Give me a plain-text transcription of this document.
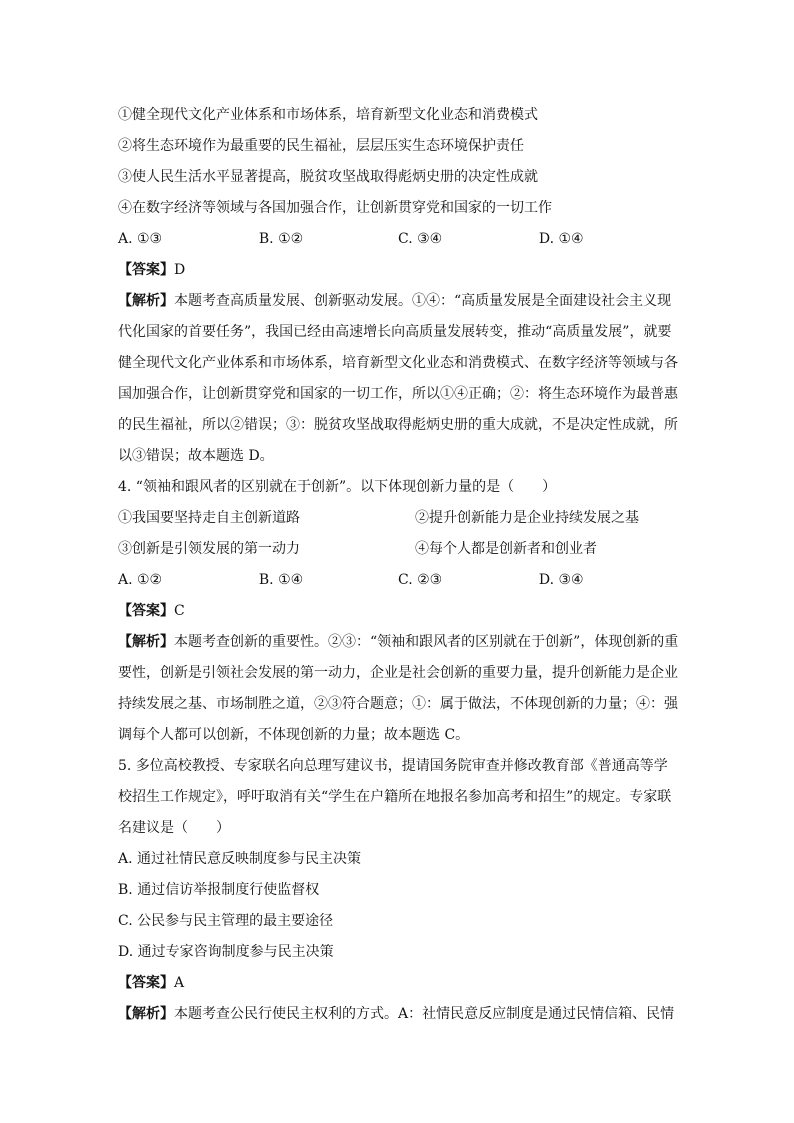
①健全现代文化产业体系和市场体系，培育新型文化业态和消费模式
②将生态环境作为最重要的民生福祉，层层压实生态环境保护责任
③使人民生活水平显著提高，脱贫攻坚战取得彪炳史册的决定性成就
④在数字经济等领域与各国加强合作，让创新贯穿党和国家的一切工作
A. ①③	B. ①②	C. ③④	D. ①④
【答案】D
【解析】本题考查高质量发展、创新驱动发展。①④：“高质量发展是全面建设社会主义现
代化国家的首要任务”，我国已经由高速增长向高质量发展转变，推动“高质量发展”，就要
健全现代文化产业体系和市场体系，培育新型文化业态和消费模式、在数字经济等领域与各
国加强合作，让创新贯穿党和国家的一切工作，所以①④正确；②：将生态环境作为最普惠
的民生福祉，所以②错误；③：脱贫攻坚战取得彪炳史册的重大成就，不是决定性成就，所
以③错误；故本题选 D。
4. “领袖和跟风者的区别就在于创新”。以下体现创新力量的是（　　）
①我国要坚持走自主创新道路	②提升创新能力是企业持续发展之基
③创新是引领发展的第一动力	④每个人都是创新者和创业者
A. ①②	B. ①④	C. ②③	D. ③④
【答案】C
【解析】本题考查创新的重要性。②③：“领袖和跟风者的区别就在于创新”，体现创新的重
要性，创新是引领社会发展的第一动力，企业是社会创新的重要力量，提升创新能力是企业
持续发展之基、市场制胜之道，②③符合题意；①：属于做法，不体现创新的力量；④：强
调每个人都可以创新，不体现创新的力量；故本题选 C。
5. 多位高校教授、专家联名向总理写建议书，提请国务院审查并修改教育部《普通高等学
校招生工作规定》，呼吁取消有关“学生在户籍所在地报名参加高考和招生”的规定。专家联
名建议是（　　）
A. 通过社情民意反映制度参与民主决策
B. 通过信访举报制度行使监督权
C. 公民参与民主管理的最主要途径
D. 通过专家咨询制度参与民主决策
【答案】A
【解析】本题考查公民行使民主权利的方式。A：社情民意反应制度是通过民情信箱、民情
